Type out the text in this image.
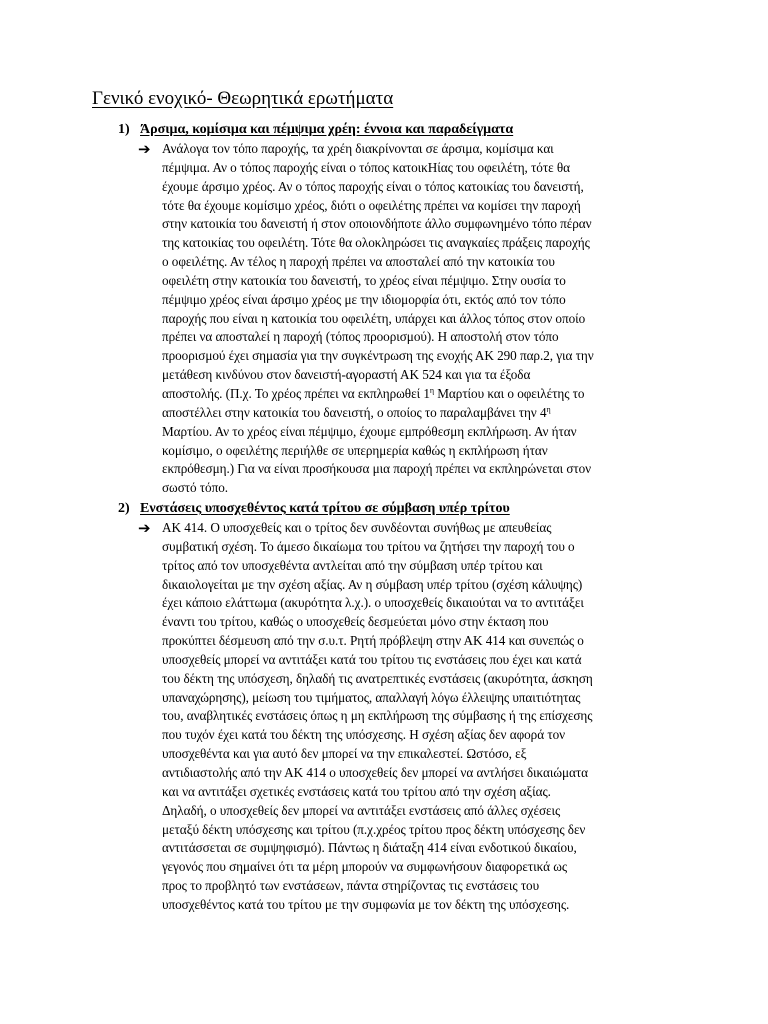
Γενικό ενοχικό- Θεωρητικά ερωτήματα
1) Άρσιμα, κομίσιμα και πέμψιμα χρέη: έννοια και παραδείγματα
➔ Ανάλογα τον τόπο παροχής, τα χρέη διακρίνονται σε άρσιμα, κομίσιμα και
πέμψιμα. Αν ο τόπος παροχής είναι ο τόπος κατοικΗίας του οφειλέτη, τότε θα
έχουμε άρσιμο χρέος. Αν ο τόπος παροχής είναι ο τόπος κατοικίας του δανειστή,
τότε θα έχουμε κομίσιμο χρέος, διότι ο οφειλέτης πρέπει να κομίσει την παροχή
στην κατοικία του δανειστή ή στον οποιονδήποτε άλλο συμφωνημένο τόπο πέραν
της κατοικίας του οφειλέτη. Τότε θα ολοκληρώσει τις αναγκαίες πράξεις παροχής
ο οφειλέτης. Αν τέλος η παροχή πρέπει να αποσταλεί από την κατοικία του
οφειλέτη στην κατοικία του δανειστή, το χρέος είναι πέμψιμο. Στην ουσία το
πέμψιμο χρέος είναι άρσιμο χρέος με την ιδιομορφία ότι, εκτός από τον τόπο
παροχής που είναι η κατοικία του οφειλέτη, υπάρχει και άλλος τόπος στον οποίο
πρέπει να αποσταλεί η παροχή (τόπος προορισμού). Η αποστολή στον τόπο
προορισμού έχει σημασία για την συγκέντρωση της ενοχής ΑΚ 290 παρ.2, για την
μετάθεση κινδύνου στον δανειστή-αγοραστή ΑΚ 524 και για τα έξοδα
αποστολής. (Π.χ. Το χρέος πρέπει να εκπληρωθεί $1^\eta$ Μαρτίου και ο οφειλέτης το
αποστέλλει στην κατοικία του δανειστή, ο οποίος το παραλαμβάνει την $4^\eta$
Μαρτίου. Αν το χρέος είναι πέμψιμο, έχουμε εμπρόθεσμη εκπλήρωση. Αν ήταν
κομίσιμο, ο οφειλέτης περιήλθε σε υπερημερία καθώς η εκπλήρωση ήταν
εκπρόθεσμη.) Για να είναι προσήκουσα μια παροχή πρέπει να εκπληρώνεται στον
σωστό τόπο.
2) Ενστάσεις υποσχεθέντος κατά τρίτου σε σύμβαση υπέρ τρίτου
➔ ΑΚ 414. Ο υποσχεθείς και ο τρίτος δεν συνδέονται συνήθως με απευθείας
συμβατική σχέση. Το άμεσο δικαίωμα του τρίτου να ζητήσει την παροχή του ο
τρίτος από τον υποσχεθέντα αντλείται από την σύμβαση υπέρ τρίτου και
δικαιολογείται με την σχέση αξίας. Αν η σύμβαση υπέρ τρίτου (σχέση κάλυψης)
έχει κάποιο ελάττωμα (ακυρότητα λ.χ.). ο υποσχεθείς δικαιούται να το αντιτάξει
έναντι του τρίτου, καθώς ο υποσχεθείς δεσμεύεται μόνο στην έκταση που
προκύπτει δέσμευση από την σ.υ.τ. Ρητή πρόβλεψη στην ΑΚ 414 και συνεπώς ο
υποσχεθείς μπορεί να αντιτάξει κατά του τρίτου τις ενστάσεις που έχει και κατά
του δέκτη της υπόσχεση, δηλαδή τις ανατρεπτικές ενστάσεις (ακυρότητα, άσκηση
υπαναχώρησης), μείωση του τιμήματος, απαλλαγή λόγω έλλειψης υπαιτιότητας
του, αναβλητικές ενστάσεις όπως η μη εκπλήρωση της σύμβασης ή της επίσχεσης
που τυχόν έχει κατά του δέκτη της υπόσχεσης. Η σχέση αξίας δεν αφορά τον
υποσχεθέντα και για αυτό δεν μπορεί να την επικαλεστεί. Ωστόσο, εξ
αντιδιαστολής από την ΑΚ 414 ο υποσχεθείς δεν μπορεί να αντλήσει δικαιώματα
και να αντιτάξει σχετικές ενστάσεις κατά του τρίτου από την σχέση αξίας.
Δηλαδή, ο υποσχεθείς δεν μπορεί να αντιτάξει ενστάσεις από άλλες σχέσεις
μεταξύ δέκτη υπόσχεσης και τρίτου (π.χ.χρέος τρίτου προς δέκτη υπόσχεσης δεν
αντιτάσσεται σε συμψηφισμό). Πάντως η διάταξη 414 είναι ενδοτικού δικαίου,
γεγονός που σημαίνει ότι τα μέρη μπορούν να συμφωνήσουν διαφορετικά ως
προς το προβλητό των ενστάσεων, πάντα στηρίζοντας τις ενστάσεις του
υποσχεθέντος κατά του τρίτου με την συμφωνία με τον δέκτη της υπόσχεσης.
